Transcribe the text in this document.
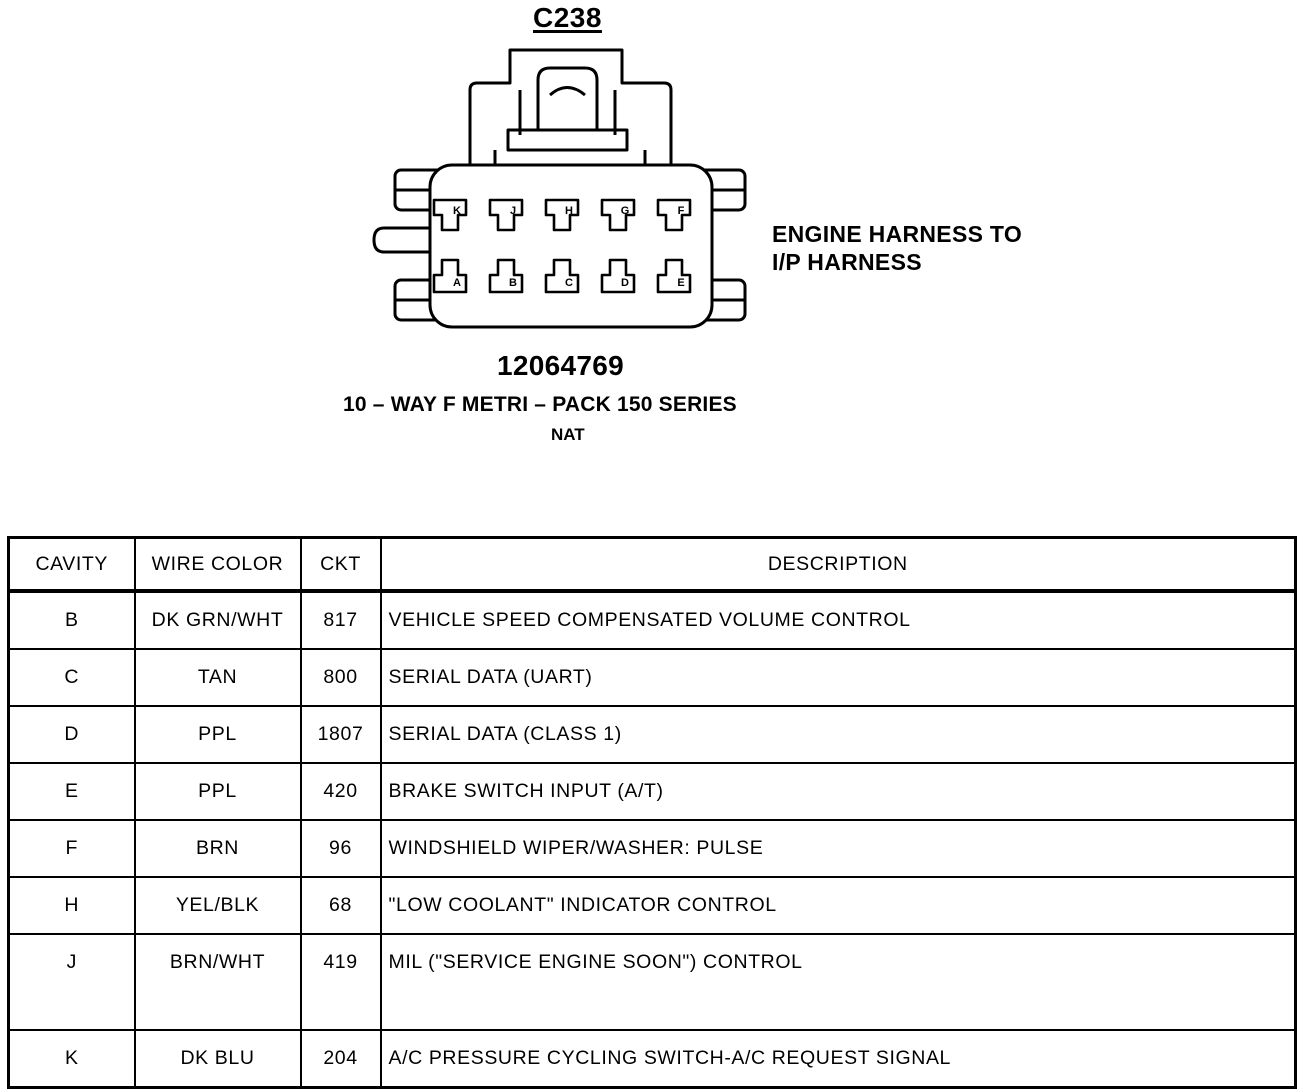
C238
K	J	H	G	F
A	B	C	D	E
ENGINE HARNESS TO
I/P HARNESS
12064769
10 – WAY F METRI – PACK 150 SERIES
NAT
CAVITY	WIRE COLOR	CKT	DESCRIPTION
B	DK GRN/WHT	817	VEHICLE SPEED COMPENSATED VOLUME CONTROL
C	TAN	800	SERIAL DATA (UART)
D	PPL	1807	SERIAL DATA (CLASS 1)
E	PPL	420	BRAKE SWITCH INPUT (A/T)
F	BRN	96	WINDSHIELD WIPER/WASHER: PULSE
H	YEL/BLK	68	"LOW COOLANT" INDICATOR CONTROL
J	BRN/WHT	419	MIL ("SERVICE ENGINE SOON") CONTROL
K	DK BLU	204	A/C PRESSURE CYCLING SWITCH-A/C REQUEST SIGNAL
